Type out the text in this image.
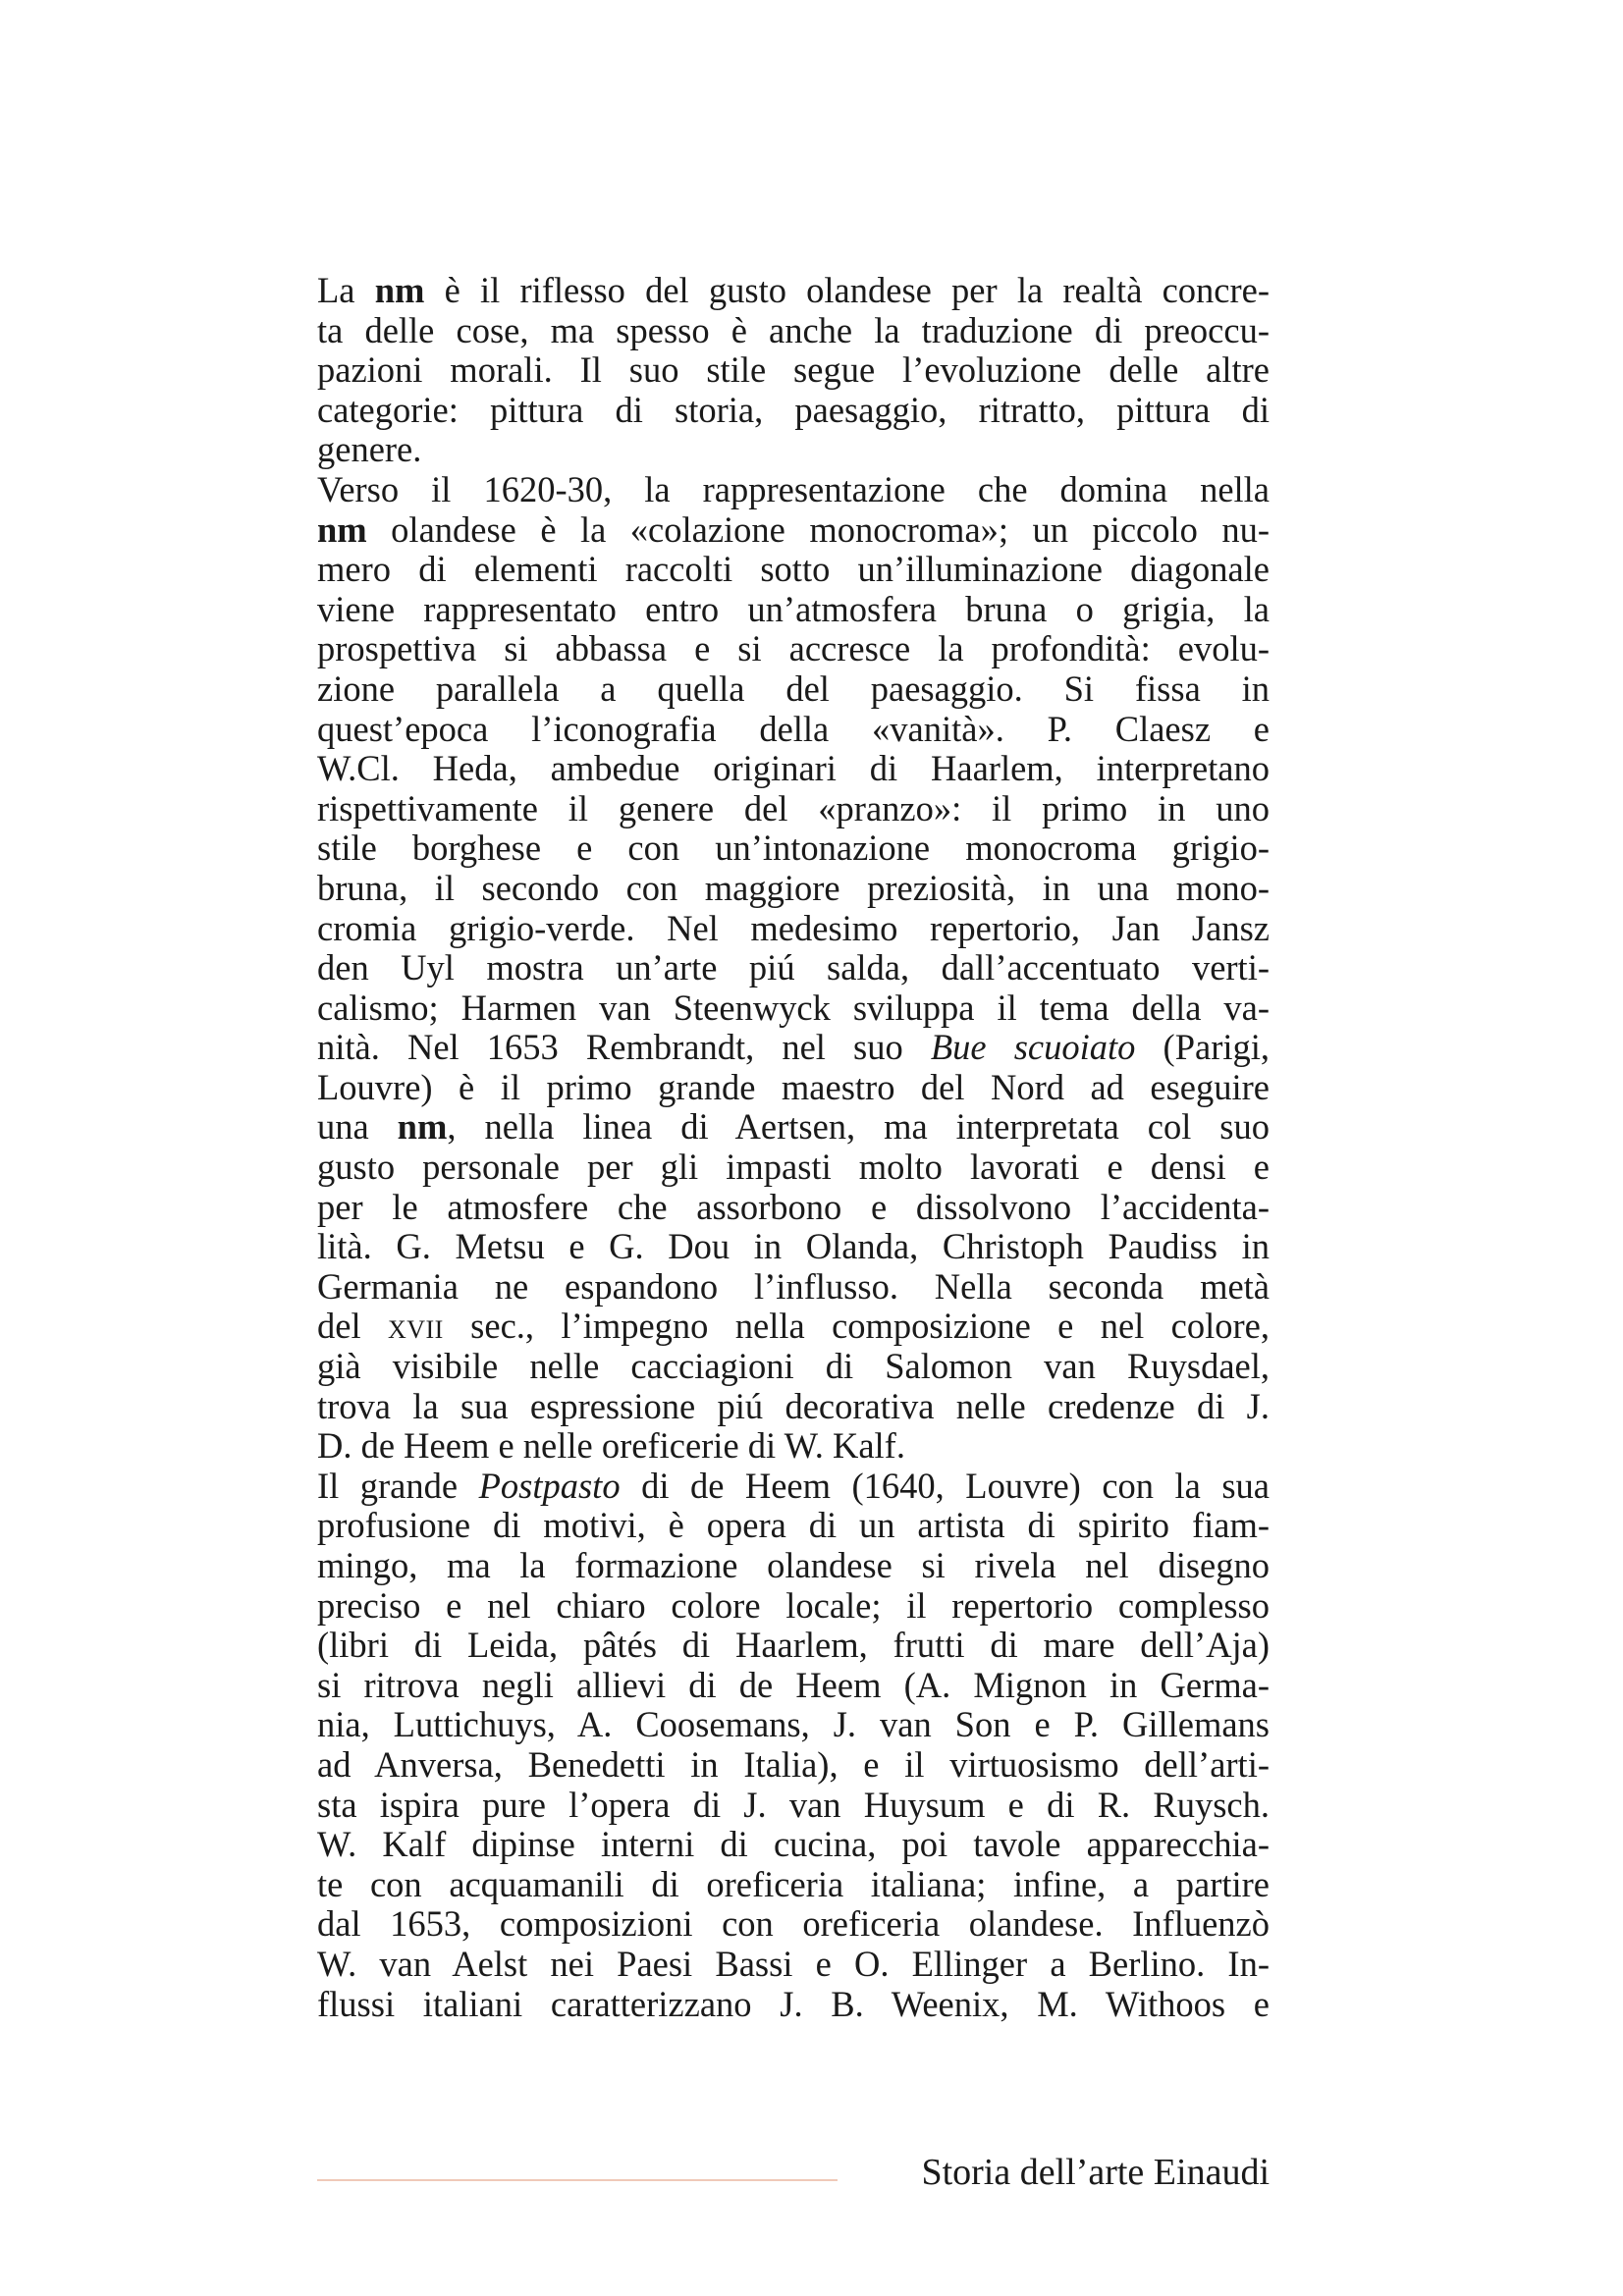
La nm è il riflesso del gusto olandese per la realtà concre-
ta delle cose, ma spesso è anche la traduzione di preoccu-
pazioni morali. Il suo stile segue l’evoluzione delle altre
categorie: pittura di storia, paesaggio, ritratto, pittura di
genere.
Verso il 1620-30, la rappresentazione che domina nella
nm olandese è la «colazione monocroma»; un piccolo nu-
mero di elementi raccolti sotto un’illuminazione diagonale
viene rappresentato entro un’atmosfera bruna o grigia, la
prospettiva si abbassa e si accresce la profondità: evolu-
zione parallela a quella del paesaggio. Si fissa in
quest’epoca l’iconografia della «vanità». P. Claesz e
W.Cl. Heda, ambedue originari di Haarlem, interpretano
rispettivamente il genere del «pranzo»: il primo in uno
stile borghese e con un’intonazione monocroma grigio-
bruna, il secondo con maggiore preziosità, in una mono-
cromia grigio-verde. Nel medesimo repertorio, Jan Jansz
den Uyl mostra un’arte piú salda, dall’accentuato verti-
calismo; Harmen van Steenwyck sviluppa il tema della va-
nità. Nel 1653 Rembrandt, nel suo Bue scuoiato (Parigi,
Louvre) è il primo grande maestro del Nord ad eseguire
una nm, nella linea di Aertsen, ma interpretata col suo
gusto personale per gli impasti molto lavorati e densi e
per le atmosfere che assorbono e dissolvono l’accidenta-
lità. G. Metsu e G. Dou in Olanda, Christoph Paudiss in
Germania ne espandono l’influsso. Nella seconda metà
del xvii sec., l’impegno nella composizione e nel colore,
già visibile nelle cacciagioni di Salomon van Ruysdael,
trova la sua espressione piú decorativa nelle credenze di J.
D. de Heem e nelle oreficerie di W. Kalf.
Il grande Postpasto di de Heem (1640, Louvre) con la sua
profusione di motivi, è opera di un artista di spirito fiam-
mingo, ma la formazione olandese si rivela nel disegno
preciso e nel chiaro colore locale; il repertorio complesso
(libri di Leida, pâtés di Haarlem, frutti di mare dell’Aja)
si ritrova negli allievi di de Heem (A. Mignon in Germa-
nia, Luttichuys, A. Coosemans, J. van Son e P. Gillemans
ad Anversa, Benedetti in Italia), e il virtuosismo dell’arti-
sta ispira pure l’opera di J. van Huysum e di R. Ruysch.
W. Kalf dipinse interni di cucina, poi tavole apparecchia-
te con acquamanili di oreficeria italiana; infine, a partire
dal 1653, composizioni con oreficeria olandese. Influenzò
W. van Aelst nei Paesi Bassi e O. Ellinger a Berlino. In-
flussi italiani caratterizzano J. B. Weenix, M. Withoos e
Storia dell’arte Einaudi
